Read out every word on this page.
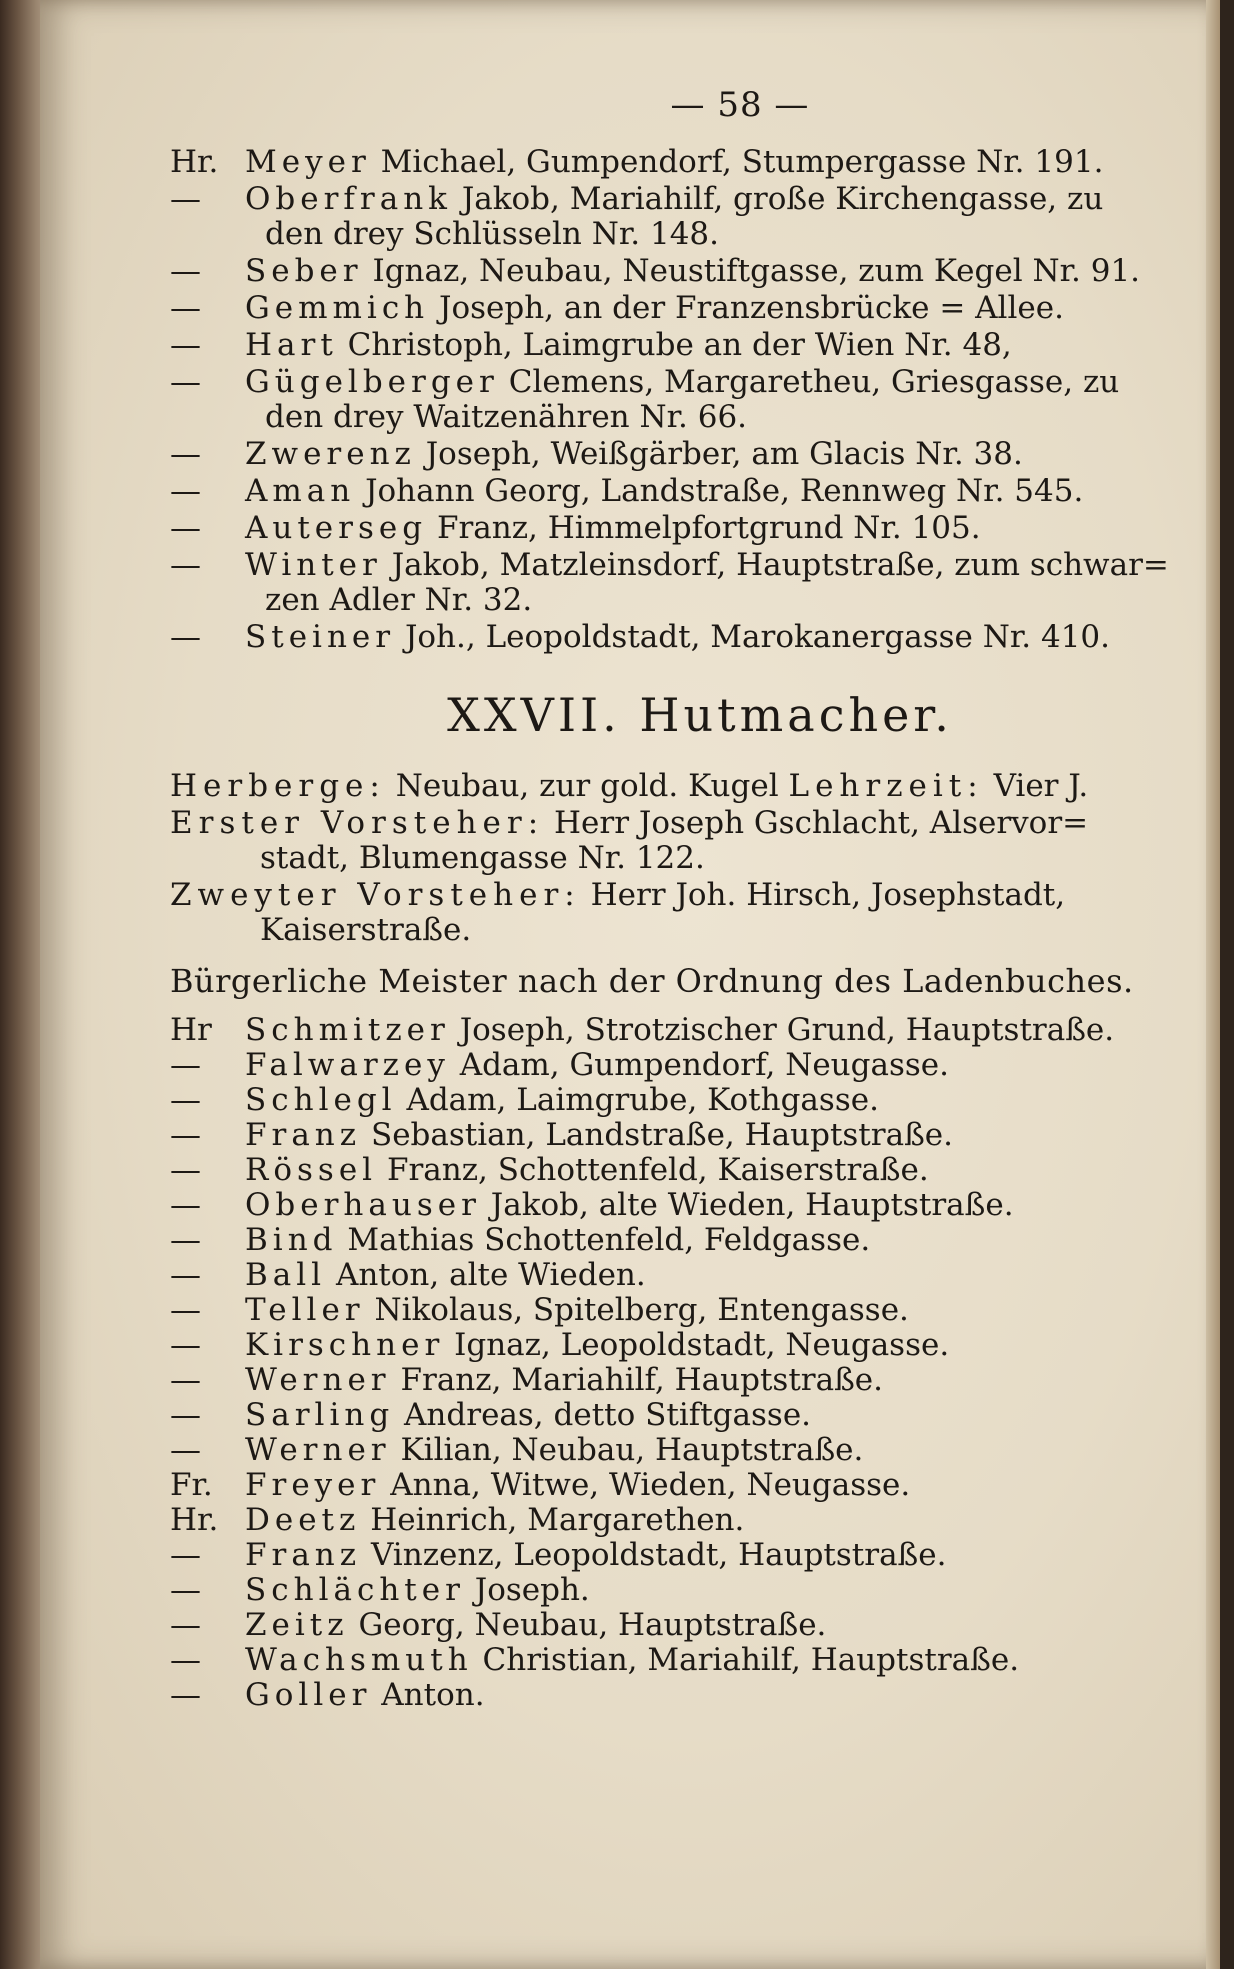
— 58 —
Hr. Meyer Michael, Gumpendorf, Stumpergasse Nr. 191.
—	Oberfrank Jakob, Mariahilf, große Kirchengasse, zu
den drey Schlüsseln Nr. 148.
—	Seber Ignaz, Neubau, Neustiftgasse, zum Kegel Nr. 91.
—	Gemmich Joseph, an der Franzensbrücke = Allee.
—	Hart Christoph, Laimgrube an der Wien Nr. 48,
—	Gügelberger Clemens, Margaretheu, Griesgasse, zu
den drey Waitzenähren Nr. 66.
—	Zwerenz Joseph, Weißgärber, am Glacis Nr. 38.
—	Aman Johann Georg, Landstraße, Rennweg Nr. 545.
—	Auterseg Franz, Himmelpfortgrund Nr. 105.
—	Winter Jakob, Matzleinsdorf, Hauptstraße, zum schwar=
zen Adler Nr. 32.
—	Steiner Joh., Leopoldstadt, Marokanergasse Nr. 410.
XXVII. Hutmacher.
Herberge: Neubau, zur gold. Kugel Lehrzeit: Vier J.
Erster Vorsteher: Herr Joseph Gschlacht, Alservor=
stadt, Blumengasse Nr. 122.
Zweyter Vorsteher: Herr Joh. Hirsch, Josephstadt,
Kaiserstraße.
Bürgerliche Meister nach der Ordnung des Ladenbuches.
Hr	Schmitzer Joseph, Strotzischer Grund, Hauptstraße.
—	Falwarzey Adam, Gumpendorf, Neugasse.
—	Schlegl Adam, Laimgrube, Kothgasse.
—	Franz Sebastian, Landstraße, Hauptstraße.
—	Rössel Franz, Schottenfeld, Kaiserstraße.
—	Oberhauser Jakob, alte Wieden, Hauptstraße.
—	Bind Mathias Schottenfeld, Feldgasse.
—	Ball Anton, alte Wieden.
—	Teller Nikolaus, Spitelberg, Entengasse.
—	Kirschner Ignaz, Leopoldstadt, Neugasse.
—	Werner Franz, Mariahilf, Hauptstraße.
—	Sarling Andreas, detto Stiftgasse.
—	Werner Kilian, Neubau, Hauptstraße.
Fr.	Freyer Anna, Witwe, Wieden, Neugasse.
Hr. Deetz Heinrich, Margarethen.
—	Franz Vinzenz, Leopoldstadt, Hauptstraße.
—	Schlächter Joseph.
—	Zeitz Georg, Neubau, Hauptstraße.
—	Wachsmuth Christian, Mariahilf, Hauptstraße.
—	Goller Anton.
